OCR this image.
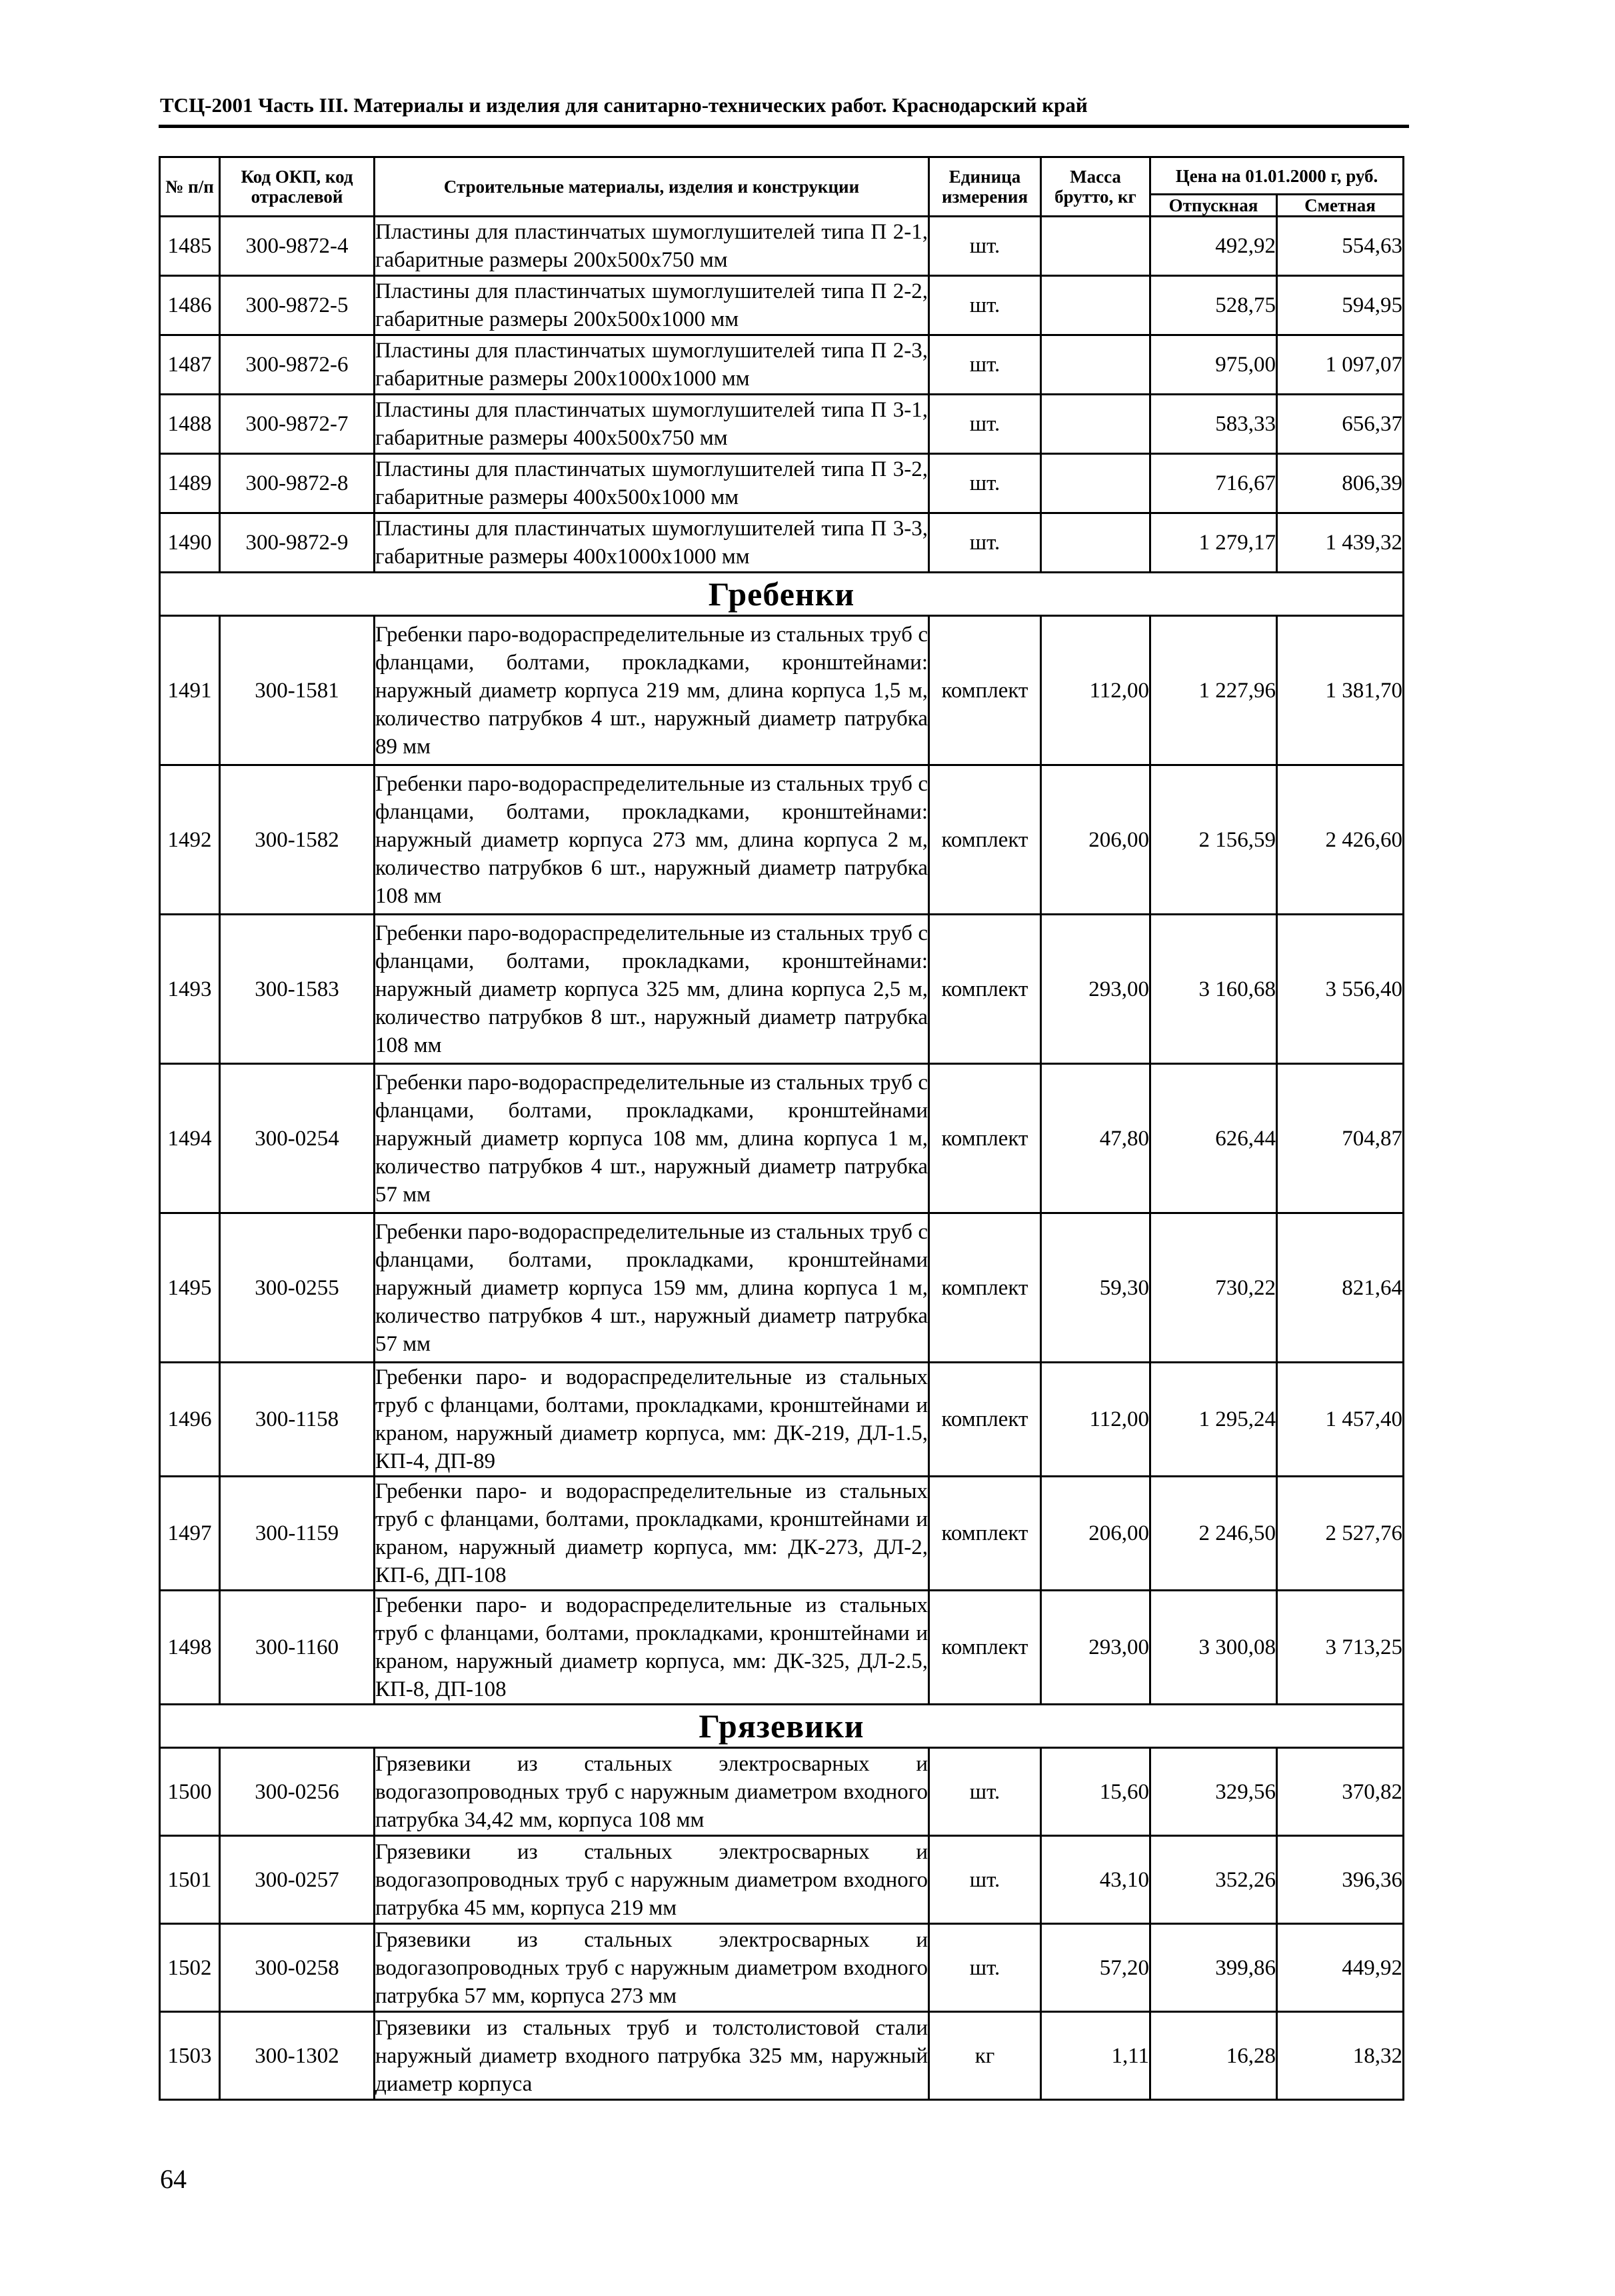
ТСЦ-2001 Часть III. Материалы и изделия для санитарно-технических работ. Краснодарский край
№ п/п	Код ОКП, код отраслевой	Строительные материалы, изделия и конструкции	Единица измерения	Масса брутто, кг	Цена на 01.01.2000 г, руб.	
					Отпускная	Сметная
1485	300-9872-4	Пластины для пластинчатых шумоглушителей типа П 2-1, габаритные размеры 200х500х750 мм	шт.		492,92	554,63
1486	300-9872-5	Пластины для пластинчатых шумоглушителей типа П 2-2, габаритные размеры 200х500х1000 мм	шт.		528,75	594,95
1487	300-9872-6	Пластины для пластинчатых шумоглушителей типа П 2-3, габаритные размеры 200х1000х1000 мм	шт.		975,00	1 097,07
1488	300-9872-7	Пластины для пластинчатых шумоглушителей типа П 3-1, габаритные размеры 400х500х750 мм	шт.		583,33	656,37
1489	300-9872-8	Пластины для пластинчатых шумоглушителей типа П 3-2, габаритные размеры 400х500х1000 мм	шт.		716,67	806,39
1490	300-9872-9	Пластины для пластинчатых шумоглушителей типа П 3-3, габаритные размеры 400х1000х1000 мм	шт.		1 279,17	1 439,32
Гребенки						
1491	300-1581	Гребенки паро-водораспределительные из стальных труб с фланцами, болтами, прокладками, кронштейнами: наружный диаметр корпуса 219 мм, длина корпуса 1,5 м, количество патрубков 4 шт., наружный диаметр патрубка 89 мм	комплект	112,00	1 227,96	1 381,70
1492	300-1582	Гребенки паро-водораспределительные из стальных труб с фланцами, болтами, прокладками, кронштейнами: наружный диаметр корпуса 273 мм, длина корпуса 2 м, количество патрубков 6 шт., наружный диаметр патрубка 108 мм	комплект	206,00	2 156,59	2 426,60
1493	300-1583	Гребенки паро-водораспределительные из стальных труб с фланцами, болтами, прокладками, кронштейнами: наружный диаметр корпуса 325 мм, длина корпуса 2,5 м, количество патрубков 8 шт., наружный диаметр патрубка 108 мм	комплект	293,00	3 160,68	3 556,40
1494	300-0254	Гребенки паро-водораспределительные из стальных труб с фланцами, болтами, прокладками, кронштейнами наружный диаметр корпуса 108 мм, длина корпуса 1 м, количество патрубков 4 шт., наружный диаметр патрубка 57 мм	комплект	47,80	626,44	704,87
1495	300-0255	Гребенки паро-водораспределительные из стальных труб с фланцами, болтами, прокладками, кронштейнами наружный диаметр корпуса 159 мм, длина корпуса 1 м, количество патрубков 4 шт., наружный диаметр патрубка 57 мм	комплект	59,30	730,22	821,64
1496	300-1158	Гребенки паро- и водораспределительные из стальных труб с фланцами, болтами, прокладками, кронштейнами и краном, наружный диаметр корпуса, мм: ДК-219, ДЛ-1.5, КП-4, ДП-89	комплект	112,00	1 295,24	1 457,40
1497	300-1159	Гребенки паро- и водораспределительные из стальных труб с фланцами, болтами, прокладками, кронштейнами и краном, наружный диаметр корпуса, мм: ДК-273, ДЛ-2, КП-6, ДП-108	комплект	206,00	2 246,50	2 527,76
1498	300-1160	Гребенки паро- и водораспределительные из стальных труб с фланцами, болтами, прокладками, кронштейнами и краном, наружный диаметр корпуса, мм: ДК-325, ДЛ-2.5, КП-8, ДП-108	комплект	293,00	3 300,08	3 713,25
Грязевики						
1500	300-0256	Грязевики из стальных электросварных и водогазопроводных труб с наружным диаметром входного патрубка 34,42 мм, корпуса 108 мм	шт.	15,60	329,56	370,82
1501	300-0257	Грязевики из стальных электросварных и водогазопроводных труб с наружным диаметром входного патрубка 45 мм, корпуса 219 мм	шт.	43,10	352,26	396,36
1502	300-0258	Грязевики из стальных электросварных и водогазопроводных труб с наружным диаметром входного патрубка 57 мм, корпуса 273 мм	шт.	57,20	399,86	449,92
1503	300-1302	Грязевики из стальных труб и толстолистовой стали наружный диаметр входного патрубка 325 мм, наружный диаметр корпуса	кг	1,11	16,28	18,32
64
